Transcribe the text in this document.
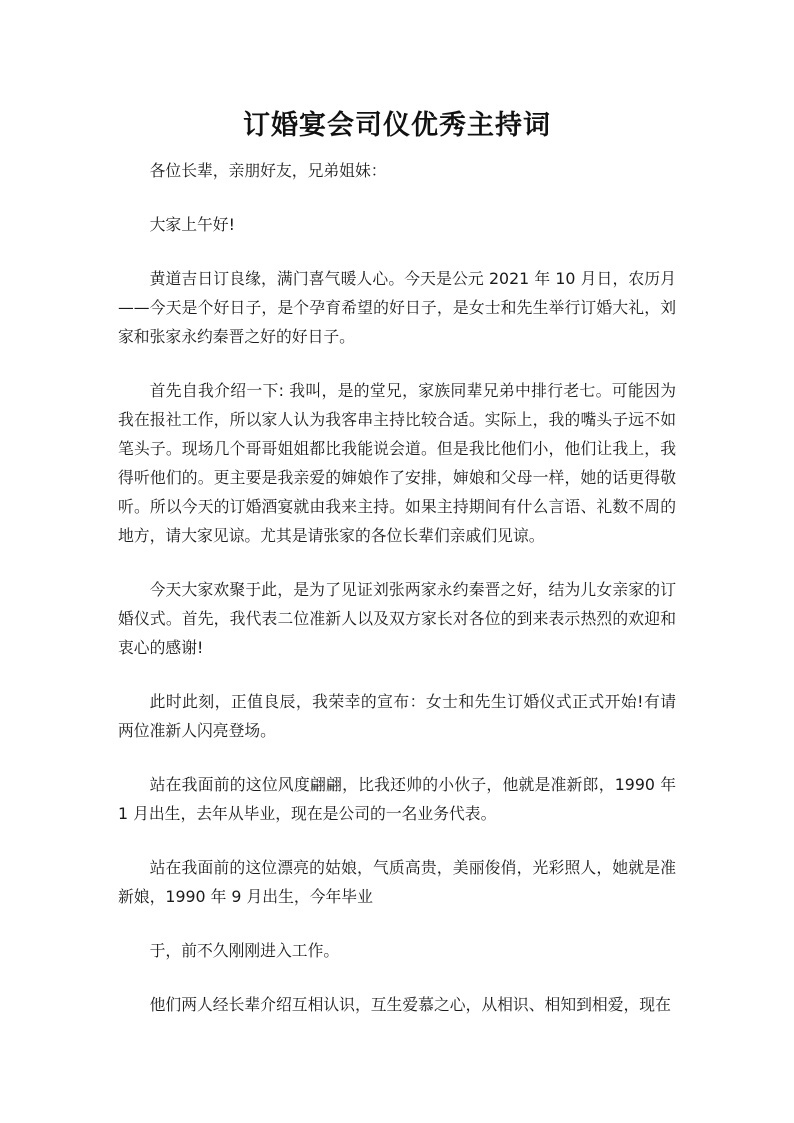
订婚宴会司仪优秀主持词

各位长辈，亲朋好友，兄弟姐妹：

大家上午好!

黄道吉日订良缘，满门喜气暖人心。今天是公元 2021 年 10 月日，农历月——今天是个好日子，是个孕育希望的好日子，是女士和先生举行订婚大礼，刘家和张家永约秦晋之好的好日子。

首先自我介绍一下: 我叫，是的堂兄，家族同辈兄弟中排行老七。可能因为我在报社工作，所以家人认为我客串主持比较合适。实际上，我的嘴头子远不如笔头子。现场几个哥哥姐姐都比我能说会道。但是我比他们小，他们让我上，我得听他们的。更主要是我亲爱的婶娘作了安排，婶娘和父母一样，她的话更得敬听。所以今天的订婚酒宴就由我来主持。如果主持期间有什么言语、礼数不周的地方，请大家见谅。尤其是请张家的各位长辈们亲戚们见谅。

今天大家欢聚于此，是为了见证刘张两家永约秦晋之好，结为儿女亲家的订婚仪式。首先，我代表二位准新人以及双方家长对各位的到来表示热烈的欢迎和衷心的感谢!

此时此刻，正值良辰，我荣幸的宣布：女士和先生订婚仪式正式开始!有请两位准新人闪亮登场。

站在我面前的这位风度翩翩，比我还帅的小伙子，他就是准新郎，1990 年 1 月出生，去年从毕业，现在是公司的一名业务代表。

站在我面前的这位漂亮的姑娘，气质高贵，美丽俊俏，光彩照人，她就是准新娘，1990 年 9 月出生，今年毕业

于，前不久刚刚进入工作。

他们两人经长辈介绍互相认识，互生爱慕之心，从相识、相知到相爱，现在
